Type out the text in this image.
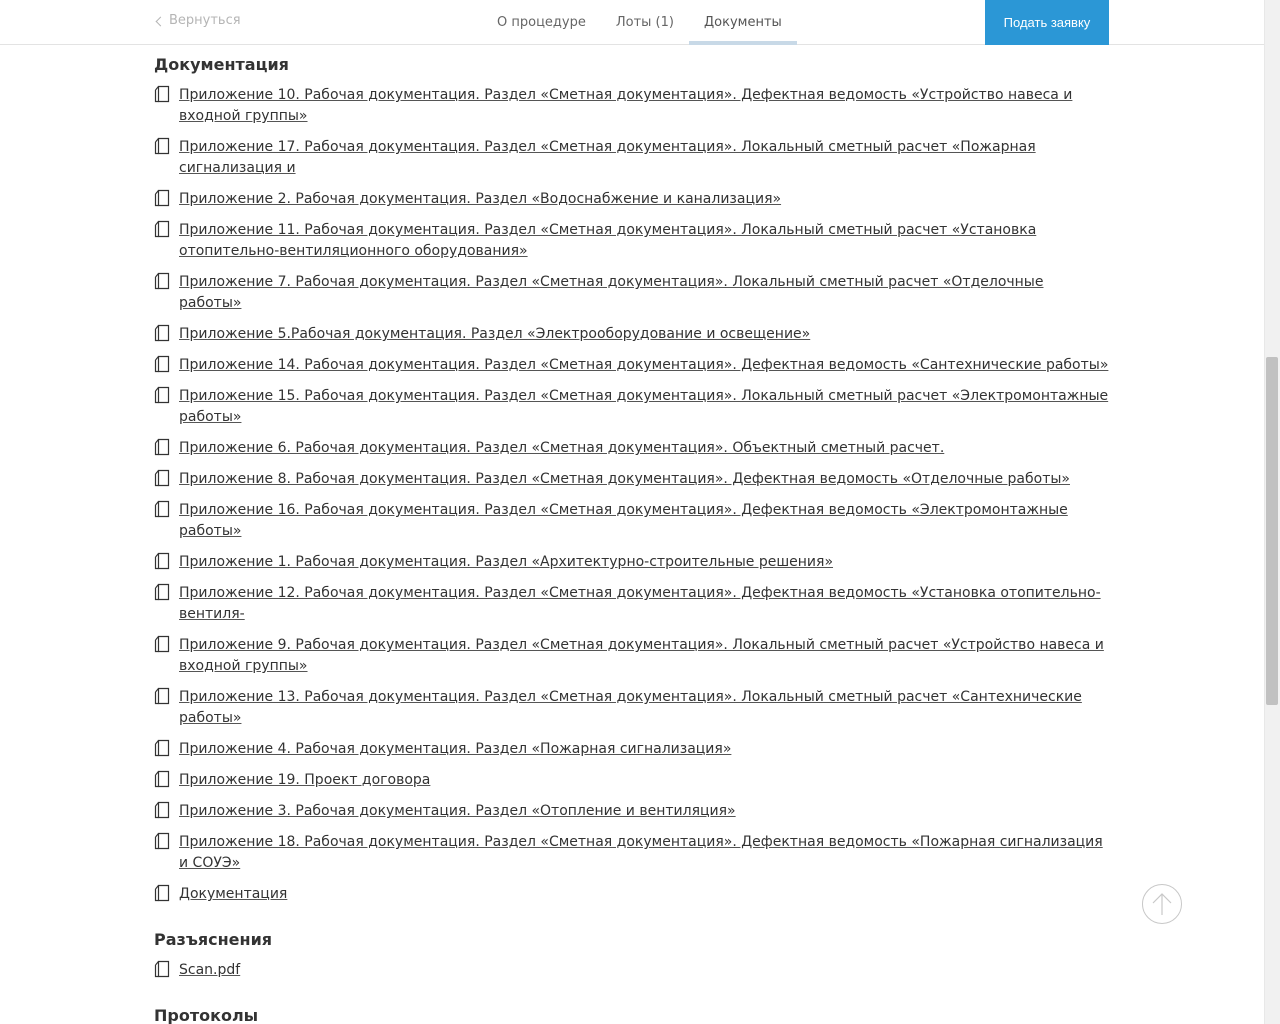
Вернуться	О процедуре	Лоты (1)	Документы	Подать заявку
Документация
Приложение 10. Рабочая документация. Раздел «Сметная документация». Дефектная ведомость «Устройство навеса и входной группы»
Приложение 17. Рабочая документация. Раздел «Сметная документация». Локальный сметный расчет «Пожарная сигнализация и
Приложение 2. Рабочая документация. Раздел «Водоснабжение и канализация»
Приложение 11. Рабочая документация. Раздел «Сметная документация». Локальный сметный расчет «Установка отопительно-вентиляционного оборудования»
Приложение 7. Рабочая документация. Раздел «Сметная документация». Локальный сметный расчет «Отделочные работы»
Приложение 5.Рабочая документация. Раздел «Электрооборудование и освещение»
Приложение 14. Рабочая документация. Раздел «Сметная документация». Дефектная ведомость «Сантехнические работы»
Приложение 15. Рабочая документация. Раздел «Сметная документация». Локальный сметный расчет «Электромонтажные работы»
Приложение 6. Рабочая документация. Раздел «Сметная документация». Объектный сметный расчет.
Приложение 8. Рабочая документация. Раздел «Сметная документация». Дефектная ведомость «Отделочные работы»
Приложение 16. Рабочая документация. Раздел «Сметная документация». Дефектная ведомость «Электромонтажные работы»
Приложение 1. Рабочая документация. Раздел «Архитектурно-строительные решения»
Приложение 12. Рабочая документация. Раздел «Сметная документация». Дефектная ведомость «Установка отопительно-вентиля-
Приложение 9. Рабочая документация. Раздел «Сметная документация». Локальный сметный расчет «Устройство навеса и входной группы»
Приложение 13. Рабочая документация. Раздел «Сметная документация». Локальный сметный расчет «Сантехнические работы»
Приложение 4. Рабочая документация. Раздел «Пожарная сигнализация»
Приложение 19. Проект договора
Приложение 3. Рабочая документация. Раздел «Отопление и вентиляция»
Приложение 18. Рабочая документация. Раздел «Сметная документация». Дефектная ведомость «Пожарная сигнализация и СОУЭ»
Документация
Разъяснения
Scan.pdf
Протоколы
